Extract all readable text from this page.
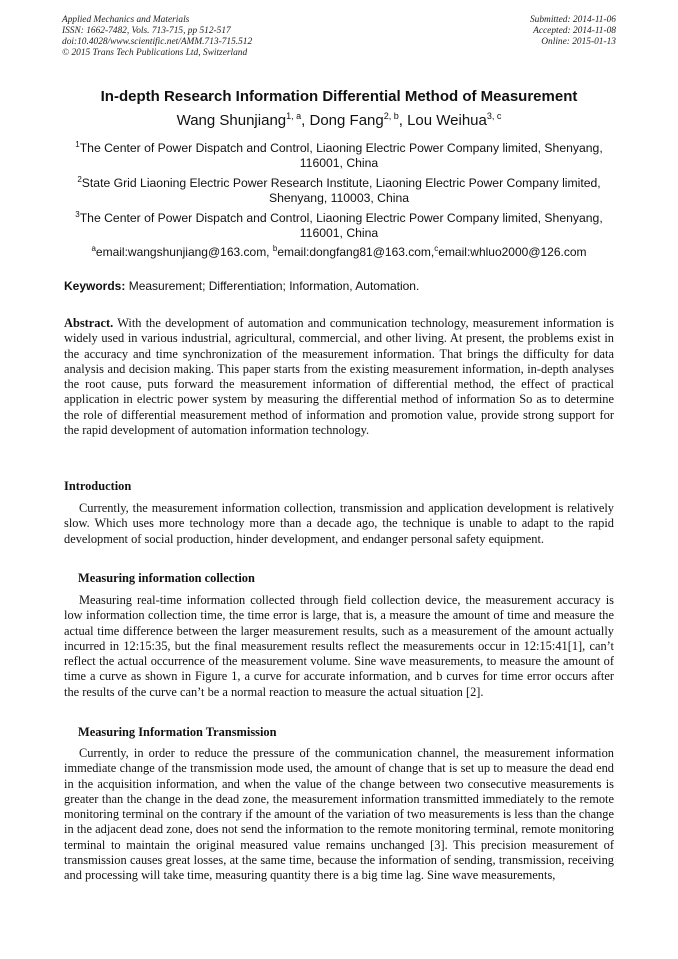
Applied Mechanics and Materials
ISSN: 1662-7482, Vols. 713-715, pp 512-517
doi:10.4028/www.scientific.net/AMM.713-715.512
© 2015 Trans Tech Publications Ltd, Switzerland
Submitted: 2014-11-06
Accepted: 2014-11-08
Online: 2015-01-13
In-depth Research Information Differential Method of Measurement
Wang Shunjiang$^{1, a}$, Dong Fang$^{2, b}$, Lou Weihua$^{3, c}$
$^1$The Center of Power Dispatch and Control, Liaoning Electric Power Company limited, Shenyang, 116001, China
$^2$State Grid Liaoning Electric Power Research Institute, Liaoning Electric Power Company limited, Shenyang, 110003, China
$^3$The Center of Power Dispatch and Control, Liaoning Electric Power Company limited, Shenyang, 116001, China
$^a$email:wangshunjiang@163.com, $^b$email:dongfang81@163.com,$^c$email:whluo2000@126.com
Keywords: Measurement; Differentiation; Information, Automation.
Abstract. With the development of automation and communication technology, measurement information is widely used in various industrial, agricultural, commercial, and other living. At present, the problems exist in the accuracy and time synchronization of the measurement information. That brings the difficulty for data analysis and decision making. This paper starts from the existing measurement information, in-depth analyses the root cause, puts forward the measurement information of differential method, the effect of practical application in electric power system by measuring the differential method of information So as to determine the role of differential measurement method of information and promotion value, provide strong support for the rapid development of automation information technology.
Introduction
Currently, the measurement information collection, transmission and application development is relatively slow. Which uses more technology more than a decade ago, the technique is unable to adapt to the rapid development of social production, hinder development, and endanger personal safety equipment.
Measuring information collection
Measuring real-time information collected through field collection device, the measurement accuracy is low information collection time, the time error is large, that is, a measure the amount of time and measure the actual time difference between the larger measurement results, such as a measurement of the amount actually incurred in 12:15:35, but the final measurement results reflect the measurements occur in 12:15:41[1], can’t reflect the actual occurrence of the measurement volume. Sine wave measurements, to measure the amount of time a curve as shown in Figure 1, a curve for accurate information, and b curves for time error occurs after the results of the curve can’t be a normal reaction to measure the actual situation [2].
Measuring Information Transmission
Currently, in order to reduce the pressure of the communication channel, the measurement information immediate change of the transmission mode used, the amount of change that is set up to measure the dead end in the acquisition information, and when the value of the change between two consecutive measurements is greater than the change in the dead zone, the measurement information transmitted immediately to the remote monitoring terminal on the contrary if the amount of the variation of two measurements is less than the change in the adjacent dead zone, does not send the information to the remote monitoring terminal, remote monitoring terminal to maintain the original measured value remains unchanged [3]. This precision measurement of transmission causes great losses, at the same time, because the information of sending, transmission, receiving and processing will take time, measuring quantity there is a big time lag. Sine wave measurements,
